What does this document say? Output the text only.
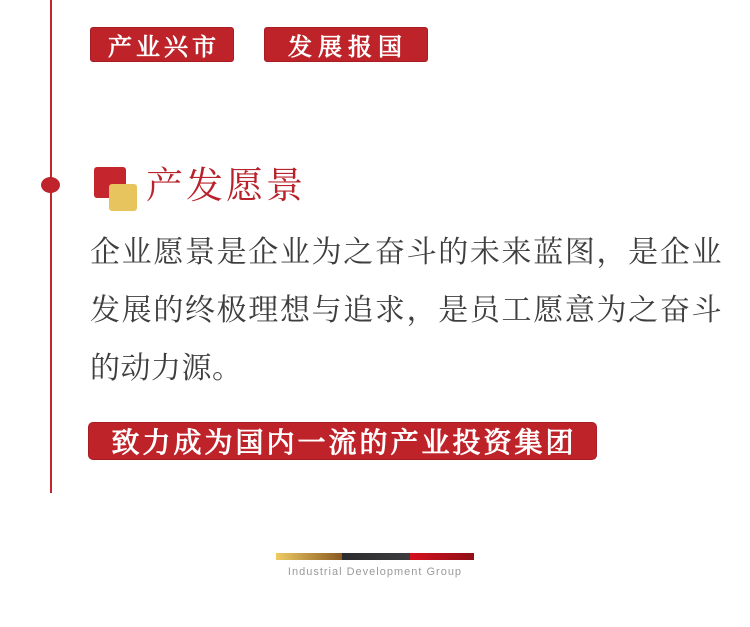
产业兴市	发展报国
产发愿景
企业愿景是企业为之奋斗的未来蓝图，是企业发展的终极理想与追求，是员工愿意为之奋斗的动力源。
致力成为国内一流的产业投资集团
Industrial Development Group
